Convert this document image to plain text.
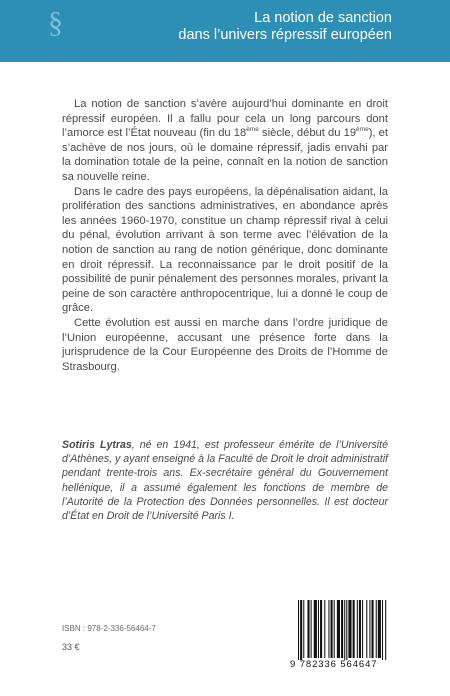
§	La notion de sanction
dans l’univers répressif européen

La notion de sanction s’avère aujourd’hui dominante en droit répressif européen. Il a fallu pour cela un long parcours dont l’amorce est l’État nouveau (fin du 18ème siècle, début du 19ème), et s’achève de nos jours, où le domaine répressif, jadis envahi par la domination totale de la peine, connaît en la notion de sanction sa nouvelle reine.

Dans le cadre des pays européens, la dépénalisation aidant, la prolifération des sanctions administratives, en abondance après les années 1960-1970, constitue un champ répressif rival à celui du pénal, évolution arrivant à son terme avec l’élévation de la notion de sanction au rang de notion générique, donc dominante en droit répressif. La reconnaissance par le droit positif de la possibilité de punir pénalement des personnes morales, privant la peine de son caractère anthropocentrique, lui a donné le coup de grâce.

Cette évolution est aussi en marche dans l’ordre juridique de l’Union européenne, accusant une présence forte dans la jurisprudence de la Cour Européenne des Droits de l’Homme de Strasbourg.

Sotiris Lytras, né en 1941, est professeur émérite de l’Université d’Athènes, y ayant enseigné à la Faculté de Droit le droit administratif pendant trente-trois ans. Ex-secrétaire général du Gouvernement hellénique, il a assumé également les fonctions de membre de l’Autorité de la Protection des Données personnelles. Il est docteur d’État en Droit de l’Université Paris I.
ISBN : 978-2-336-56464-7
33 €
9 782336 564647
